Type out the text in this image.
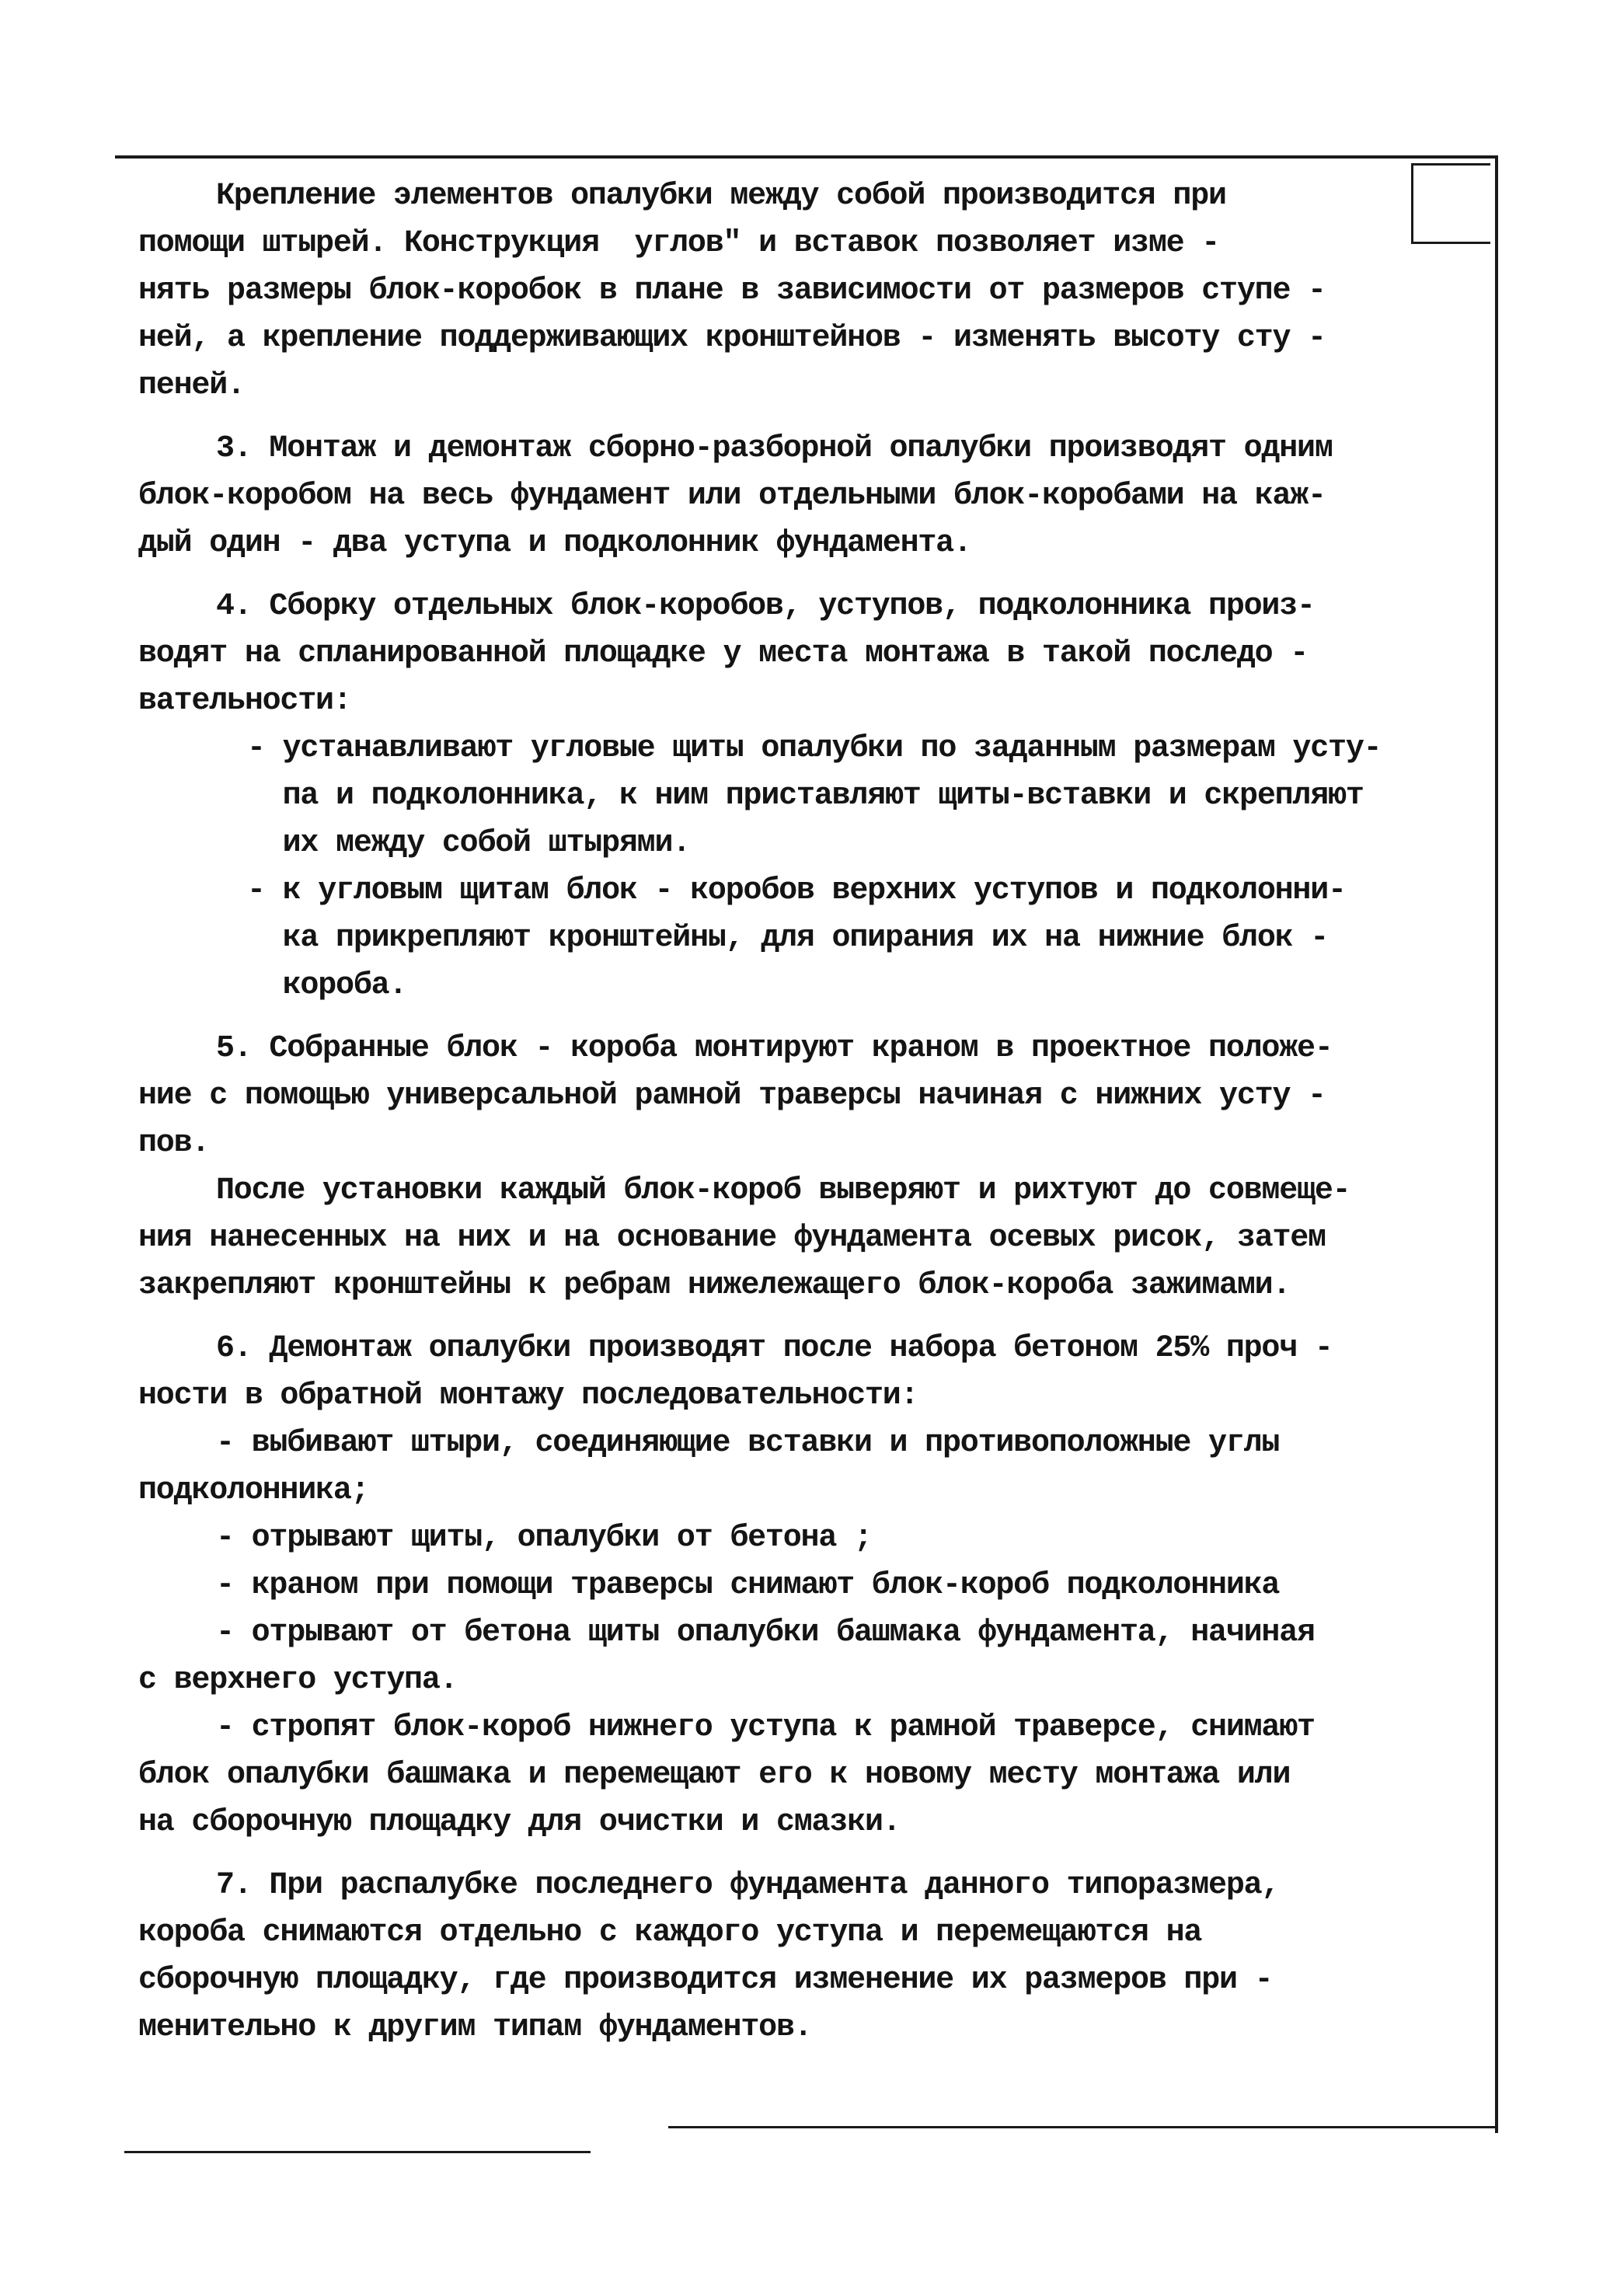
Крепление элементов опалубки между собой производится при
помощи штырей. Конструкция  углов" и вставок позволяет изме -
нять размеры блок-коробок в плане в зависимости от размеров ступе -
ней, а крепление поддерживающих кронштейнов - изменять высоту сту -
пеней.
3. Монтаж и демонтаж сборно-разборной опалубки производят одним
блок-коробом на весь фундамент или отдельными блок-коробами на каж-
дый один - два уступа и подколонник фундамента.
4. Сборку отдельных блок-коробов, уступов, подколонника произ-
водят на спланированной площадке у места монтажа в такой последо -
вательности:
- устанавливают угловые щиты опалубки по заданным размерам усту-
па и подколонника, к ним приставляют щиты-вставки и скрепляют
их между собой штырями.
- к угловым щитам блок - коробов верхних уступов и подколонни-
ка прикрепляют кронштейны, для опирания их на нижние блок -
короба.
5. Собранные блок - короба монтируют краном в проектное положе-
ние с помощью универсальной рамной траверсы начиная с нижних усту -
пов.
После установки каждый блок-короб выверяют и рихтуют до совмеще-
ния нанесенных на них и на основание фундамента осевых рисок, затем
закрепляют кронштейны к ребрам нижележащего блок-короба зажимами.
6. Демонтаж опалубки производят после набора бетоном 25% проч -
ности в обратной монтажу последовательности:
- выбивают штыри, соединяющие вставки и противоположные углы
подколонника;
- отрывают щиты, опалубки от бетона ;
- краном при помощи траверсы снимают блок-короб подколонника
- отрывают от бетона щиты опалубки башмака фундамента, начиная
с верхнего уступа.
- стропят блок-короб нижнего уступа к рамной траверсе, снимают
блок опалубки башмака и перемещают его к новому месту монтажа или
на сборочную площадку для очистки и смазки.
7. При распалубке последнего фундамента данного типоразмера,
короба снимаются отдельно с каждого уступа и перемещаются на
сборочную площадку, где производится изменение их размеров при -
менительно к другим типам фундаментов.
